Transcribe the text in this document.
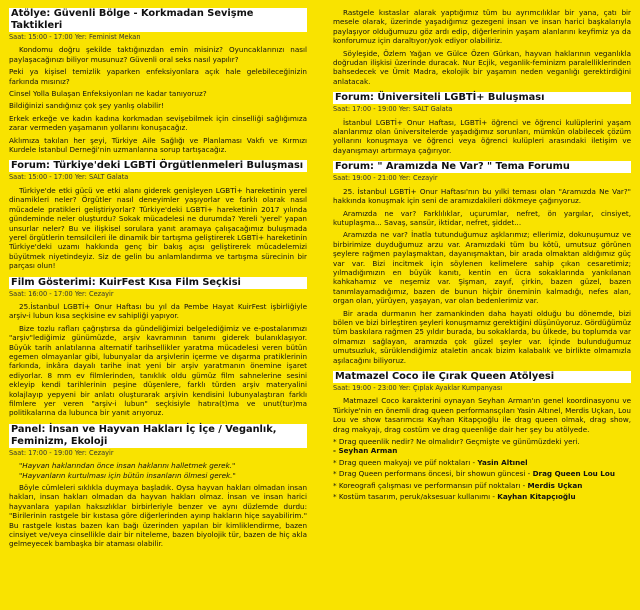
Atölye: Güvenli Bölge - Korkmadan Sevişme Taktikleri
Saat: 15:00 - 17:00 Yer: Feminist Mekan

Kondomu doğru şekilde taktığınızdan emin misiniz? Oyuncaklarınızı nasıl paylaşacağınızı biliyor musunuz? Güvenli oral seks nasıl yapılır?

Peki ya kişisel temizlik yaparken enfeksiyonlara açık hale gelebileceğinizin farkında mısınız?

Cinsel Yolla Bulaşan Enfeksiyonları ne kadar tanıyoruz?

Bildiğinizi sandığınız çok şey yanlış olabilir!

Erkek erkeğe ve kadın kadına korkmadan sevişebilmek için cinselliği sağlığımıza zarar vermeden yaşamanın yollarını konuşacağız.

Aklımıza takılan her şeyi, Türkiye Aile Sağlığı ve Planlaması Vakfı ve Kırmızı Kurdele İstanbul Derneği'nin uzmanlarına sorup tartışacağız.

Forum: Türkiye'deki LGBTİ Örgütlenmeleri Buluşması
Saat: 15:00 - 17:00 Yer: SALT Galata

Türkiye'de etki gücü ve etki alanı giderek genişleyen LGBTİ+ hareketinin yerel dinamikleri neler? Örgütler nasıl deneyimler yaşıyorlar ve farklı olarak nasıl mücadele pratikleri geliştiriyorlar? Türkiye'deki LGBTİ+ hareketinin 2017 yılında gündeminde neler oluşturdu? Sokak mücadelesi ne durumda? Yereli 'yerel' yapan unsurlar neler? Bu ve ilişkisel sorulara yanıt aramaya çalışacağımız buluşmada yerel örgütlerin temsilcileri ile dinamik bir tartışma geliştirerek LGBTİ+ hareketinin Türkiye'deki uzamı hakkında genç bir bakış açısı geliştirerek mücadelemizi büyütmek niyetindeyiz. Siz de gelin bu anlamlandırma ve tartışma sürecinin bir parçası olun!

Film Gösterimi: KuirFest Kısa Film Seçkisi
Saat: 16:00 - 17:00 Yer: Cezayir

25.İstanbul LGBTİ+ Onur Haftası bu yıl da Pembe Hayat KuirFest işbirliğiyle arşiv-i lubun kısa seçkisine ev sahipliği yapıyor.

Bize tozlu rafları çağrıştırsa da gündeliğimizi belgelediğimiz ve e-postalarımızı "arşiv"lediğimiz günümüzde, arşiv kavramının tanımı giderek bulanıklaşıyor. Büyük tarih anlatılarına alternatif tarihsellikler yaratma mücadelesi veren bütün egemen olmayanlar gibi, lubunyalar da arşivlerin içerme ve dışarma pratiklerinin farkında, inkâra dayalı tarihe inat yeni bir arşiv yaratmanın önemine işaret ediyorlar. 8 mm ev filmlerinden, tanıklık oldu gümüz film sahnelerine sesini ekleyip kendi tarihlerinin peşine düşenlere, farklı türden arşiv materyalini kolajlayıp yepyeni bir anlatı oluşturarak arşivin kendisini lubunyalaştıran farklı filmlere yer veren "arşiv-i lubun" seçkisiyle hatıra(t)ma ve unut(tur)ma politikalarına da lubunca bir yanıt arıyoruz.

Panel: İnsan ve Hayvan Hakları İç İçe / Veganlık, Feminizm, Ekoloji
Saat: 17:00 - 19:00 Yer: Cezayir

"Hayvan haklarından önce insan haklarını halletmek gerek."

"Hayvanların kurtulması için bütün insanların ölmesi gerek."

Böyle cümleleri sıklıkla duymaya başladık. Oysa hayvan hakları olmadan insan hakları, insan hakları olmadan da hayvan hakları olmaz. İnsan ve insan harici hayvanlara yapılan haksızlıklar birbirleriyle benzer ve aynı düzlemde durdu: "Birilerinin rastgele bir kıstasa göre diğerlerinden ayırıp hakların hiçe sayabilirim." Bu rastgele kıstas bazen kan bağı üzerinden yapılan bir kimliklendirme, bazen cinsiyet ve/veya cinsellikle dair bir niteleme, bazen biyolojik tür, bazen de hiç akla gelmeyecek bambaşka bir ataması olabilir.

Rastgele kıstaslar alarak yaptığımız tüm bu ayrımcılıklar bir yana, çatı bir mesele olarak, üzerinde yaşadığımız gezegeni insan ve insan harici başkalarıyla paylaşıyor olduğumuzu göz ardı edip, diğerlerinin yaşam alanlarını keyfimiz ya da konforumuz için daraltıyor/yok ediyor olabiliriz.

Söyleşide, Özlem Yağan ve Gülce Özen Gürkan, hayvan haklarının veganlıkla doğrudan ilişkisi üzerinde duracak. Nur Ecjik, veganlik-feminizm paralelliklerinden bahsedecek ve Ümit Madra, ekolojik bir yaşamın neden veganlığı gerektirdiğini anlatacak.

Forum: Üniversiteli LGBTİ+ Buluşması
Saat: 17:00 - 19:00 Yer: SALT Galata

İstanbul LGBTİ+ Onur Haftası, LGBTİ+ öğrenci ve öğrenci kulüplerini yaşam alanlarımız olan üniversitelerde yaşadığımız sorunları, mümkün olabilecek çözüm yollarını konuşmaya ve öğrenci veya öğrenci kulüpleri arasındaki iletişim ve dayanışmayı artırmaya çağırıyor.

Forum: " Aramızda Ne Var? " Tema Forumu
Saat: 19:00 - 21:00 Yer: Cezayir

25. İstanbul LGBTİ+ Onur Haftası'nın bu yılki teması olan "Aramızda Ne Var?" hakkında konuşmak için seni de aramızdakileri dökmeye çağırıyoruz.

Aramızda ne var? Farklılıklar, uçurumlar, nefret, ön yargılar, cinsiyet, kutuplaşma... Savaş, sansür, iktidar, nefret, şiddet...

Aramızda ne var? İnatla tutunduğumuz aşklarımız; ellerimiz, dokunuşumuz ve birbirimize duyduğumuz arzu var. Aramızdaki tüm bu kötü, umutsuz görünen şeylere rağmen paylaşmaktan, dayanışmaktan, bir arada olmaktan aldığımız güç var var. Bizi incitmek için söylenen kelimelere sahip çıkan cesaretimiz; yılmadığımızın en büyük kanıtı, kentin en ücra sokaklarında yankılanan kahkahamız ve neşemiz var. Şişman, zayıf, çirkin, bazen güzel, bazen tanımlayamadığımız, bazen de bunun hiçbir öneminin kalmadığı, nefes alan, organ olan, yürüyen, yaşayan, var olan bedenlerimiz var.

Bir arada durmanın her zamankinden daha hayati olduğu bu dönemde, bizi bölen ve bizi birleştiren şeyleri konuşmamız gerektiğini düşünüyoruz. Gördüğümüz tüm baskılara rağmen 25 yıldır burada, bu sokaklarda, bu ülkede, bu toplumda var olmamızı sağlayan, aramızda çok güzel şeyler var. İçinde bulunduğumuz umutsuzluk, sürüklendiğimiz ataletin ancak bizim kalabalık ve birlikte olmamızla aşılacağını biliyoruz.

Matmazel Coco ile Çırak Queen Atölyesi
Saat: 19:00 - 23:00 Yer: Çıplak Ayaklar Kumpanyası

Matmazel Coco karakterini oynayan Seyhan Arman'ın genel koordinasyonu ve Türkiye'nin en önemli drag queen performansçıları Yasin Altınel, Merdis Uçkan, Lou Lou ve show tasarımcısı Kayhan Kitapçıoğlu ile drag queen olmak, drag show, drag makyajı, drag costüm ve drag queenliğe dair her şey bu atölyede.

* Drag queenlik nedir? Ne olmalıdır? Geçmişte ve günümüzdeki yeri.
- Seyhan Arman
* Drag queen makyajı ve püf noktaları - Yasin Altınel
* Drag Queen performans öncesi, bir showun güncesi - Drag Queen Lou Lou
* Koreografi çalışması ve performansın püf noktaları - Merdis Uçkan
* Kostüm tasarım, peruk/aksesuar kullanımı - Kayhan Kitapçıoğlu
